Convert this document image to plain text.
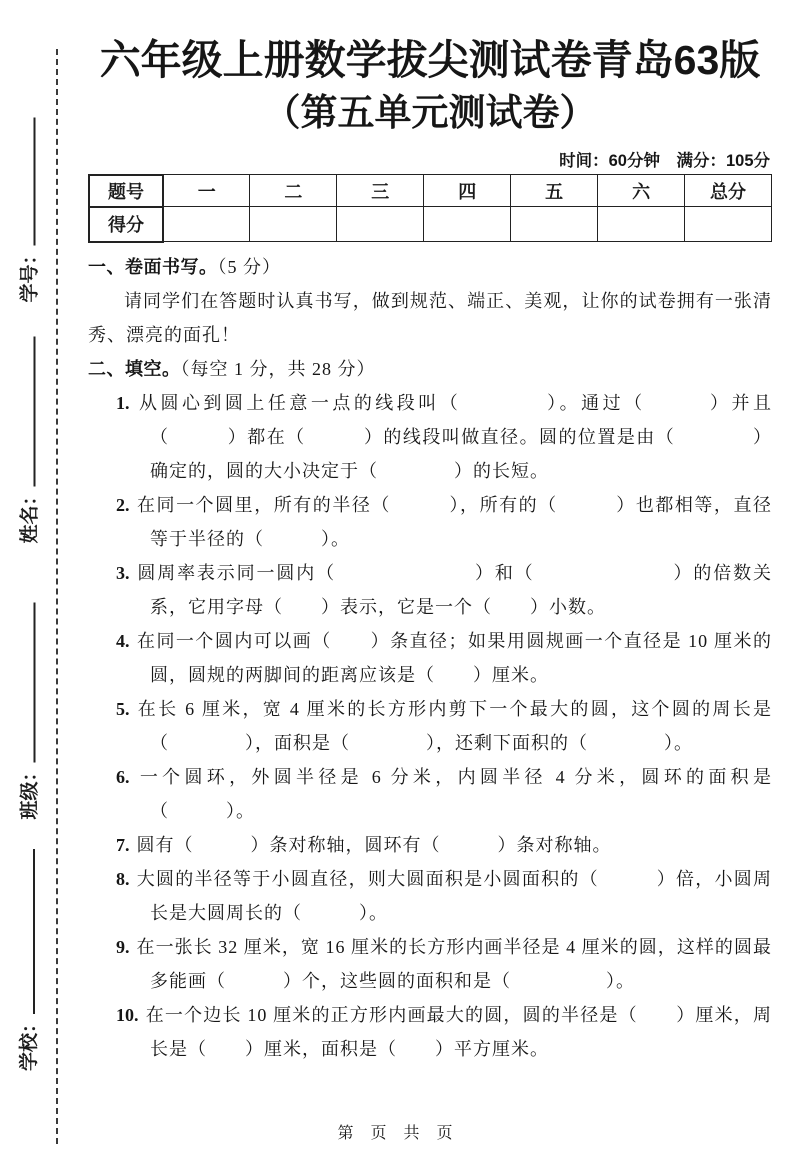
学号：
姓名：
班级：
学校：
六年级上册数学拔尖测试卷青岛63版
（第五单元测试卷）
时间：60分钟　满分：105分
题号	一	二	三	四	五	六	总分
得分							
一、卷面书写。（5 分）
请同学们在答题时认真书写，做到规范、端正、美观，让你的试卷拥有一张清秀、漂亮的面孔！
二、填空。（每空 1 分，共 28 分）
1. 从圆心到圆上任意一点的线段叫（　　　　）。通过（　　　）并且（　　　）都在（　　　）的线段叫做直径。圆的位置是由（　　　　）确定的，圆的大小决定于（　　　　）的长短。
2. 在同一个圆里，所有的半径（　　　），所有的（　　　）也都相等，直径等于半径的（　　　）。
3. 圆周率表示同一圆内（　　　　　　　）和（　　　　　　　）的倍数关系，它用字母（　　）表示，它是一个（　　）小数。
4. 在同一个圆内可以画（　　）条直径；如果用圆规画一个直径是 10 厘米的圆，圆规的两脚间的距离应该是（　　）厘米。
5. 在长 6 厘米，宽 4 厘米的长方形内剪下一个最大的圆，这个圆的周长是（　　　　），面积是（　　　　），还剩下面积的（　　　　）。
6. 一个圆环，外圆半径是 6 分米，内圆半径 4 分米，圆环的面积是（　　　）。
7. 圆有（　　　）条对称轴，圆环有（　　　）条对称轴。
8. 大圆的半径等于小圆直径，则大圆面积是小圆面积的（　　　）倍，小圆周长是大圆周长的（　　　）。
9. 在一张长 32 厘米，宽 16 厘米的长方形内画半径是 4 厘米的圆，这样的圆最多能画（　　　）个，这些圆的面积和是（　　　　　）。
10. 在一个边长 10 厘米的正方形内画最大的圆，圆的半径是（　　）厘米，周长是（　　）厘米，面积是（　　）平方厘米。
第 页 共 页
